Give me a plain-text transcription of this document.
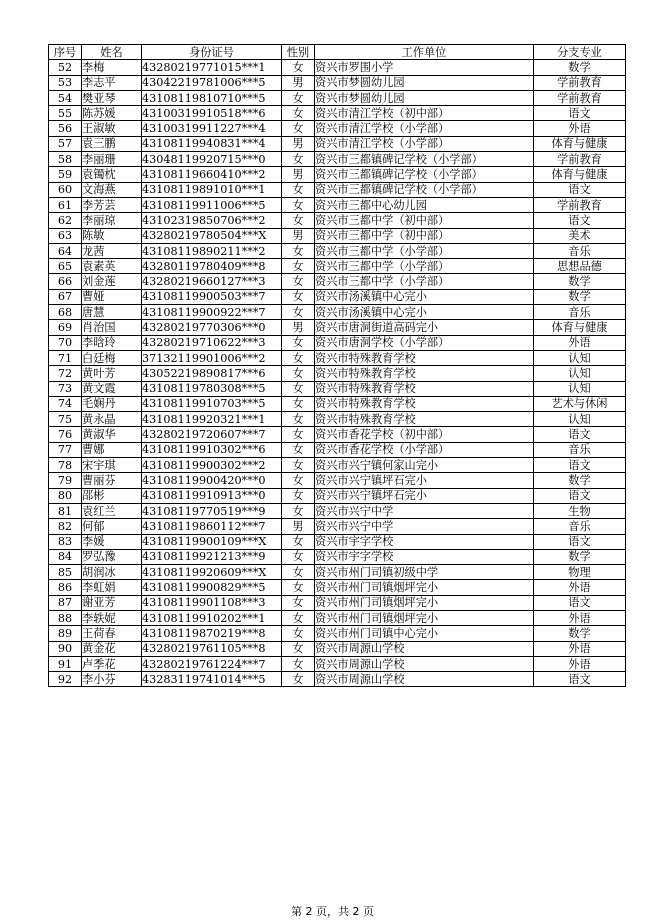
序号	姓名	身份证号	性别	工作单位	分支专业
52	李梅	43280219771015***1	女	资兴市罗围小学	数学
53	李志平	43042219781006***5	男	资兴市梦圆幼儿园	学前教育
54	樊亚琴	43108119810710***5	女	资兴市梦圆幼儿园	学前教育
55	陈苏媛	43100319910518***6	女	资兴市清江学校（初中部）	语文
56	王淑敏	43100319911227***4	女	资兴市清江学校（小学部）	外语
57	袁三鹏	43108119940831***4	男	资兴市清江学校（小学部）	体育与健康
58	李丽珊	43048119920715***0	女	资兴市三都镇碑记学校（小学部）	学前教育
59	袁镯枕	43108119660410***2	男	资兴市三都镇碑记学校（小学部）	体育与健康
60	文海燕	43108119891010***1	女	资兴市三都镇碑记学校（小学部）	语文
61	李芳芸	43108119911006***5	女	资兴市三都中心幼儿园	学前教育
62	李丽琼	43102319850706***2	女	资兴市三都中学（初中部）	语文
63	陈敏	43280219780504***X	男	资兴市三都中学（初中部）	美术
64	龙茜	43108119890211***2	女	资兴市三都中学（小学部）	音乐
65	袁素英	43280119780409***8	女	资兴市三都中学（小学部）	思想品德
66	刘金莲	43280219660127***3	女	资兴市三都中学（小学部）	数学
67	曹娅	43108119900503***7	女	资兴市汤溪镇中心完小	数学
68	唐慧	43108119900922***7	女	资兴市汤溪镇中心完小	音乐
69	肖治国	43280219770306***0	男	资兴市唐洞街道高码完小	体育与健康
70	李晗玲	43280219710622***3	女	资兴市唐洞学校（小学部）	外语
71	白廷梅	37132119901006***2	女	资兴市特殊教育学校	认知
72	黄叶芳	43052219890817***6	女	资兴市特殊教育学校	认知
73	黄文霞	43108119780308***5	女	资兴市特殊教育学校	认知
74	毛娴丹	43108119910703***5	女	资兴市特殊教育学校	艺术与休闲
75	黄永晶	43108119920321***1	女	资兴市特殊教育学校	认知
76	黄淑华	43280219720607***7	女	资兴市香花学校（初中部）	语文
77	曹娜	43108119910302***6	女	资兴市香花学校（小学部）	音乐
78	宋宇琪	43108119900302***2	女	资兴市兴宁镇何家山完小	语文
79	曹丽芬	43108119900420***0	女	资兴市兴宁镇坪石完小	数学
80	邵彬	43108119910913***0	女	资兴市兴宁镇坪石完小	语文
81	袁红兰	43108119770519***9	女	资兴市兴宁中学	生物
82	何郁	43108119860112***7	男	资兴市兴宁中学	音乐
83	李媛	43108119900109***X	女	资兴市宇字学校	语文
84	罗弘豫	43108119921213***9	女	资兴市宇字学校	数学
85	胡润冰	43108119920609***X	女	资兴市州门司镇初级中学	物理
86	李虹娟	43108119900829***5	女	资兴市州门司镇烟坪完小	外语
87	谢亚芳	43108119901108***3	女	资兴市州门司镇烟坪完小	语文
88	李轶妮	43108119910202***1	女	资兴市州门司镇烟坪完小	外语
89	王荷春	43108119870219***8	女	资兴市州门司镇中心完小	数学
90	黄金花	43280219761105***8	女	资兴市周源山学校	外语
91	卢季花	43280219761224***7	女	资兴市周源山学校	外语
92	李小芬	43283119741014***5	女	资兴市周源山学校	语文
第 2 页，共 2 页
